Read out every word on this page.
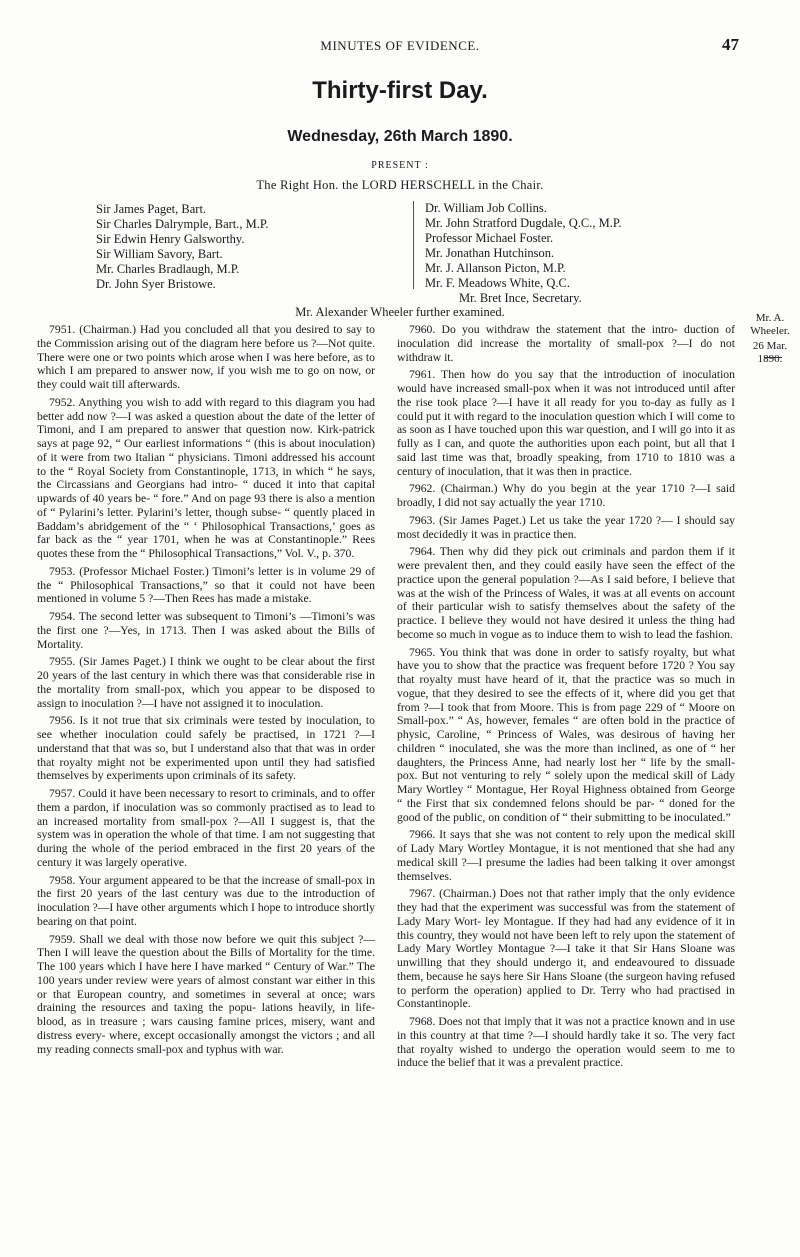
MINUTES OF EVIDENCE.	47
Thirty-first Day.
Wednesday, 26th March 1890.
PRESENT :
The Right Hon. the LORD HERSCHELL in the Chair.
Sir James Paget, Bart.
Sir Charles Dalrymple, Bart., M.P.
Sir Edwin Henry Galsworthy.
Sir William Savory, Bart.
Mr. Charles Bradlaugh, M.P.
Dr. John Syer Bristowe.
Dr. William Job Collins.
Mr. John Stratford Dugdale, Q.C., M.P.
Professor Michael Foster.
Mr. Jonathan Hutchinson.
Mr. J. Allanson Picton, M.P.
Mr. F. Meadows White, Q.C.
Mr. Bret Ince, Secretary.
Mr. Alexander Wheeler further examined.	Mr. A. Wheeler.
26 Mar. 1890.

7951. (Chairman.) Had you concluded all that you desired to say to the Commission arising out of the diagram here before us ?—Not quite. There were one or two points which arose when I was here before, as to which I am prepared to answer now, if you wish me to go on now, or they could wait till afterwards.

7952. Anything you wish to add with regard to this diagram you had better add now ?—I was asked a question about the date of the letter of Timoni, and I am prepared to answer that question now. Kirk-patrick says at page 92, “ Our earliest informations “ (this is about inoculation) of it were from two Italian “ physicians. Timoni addressed his account to the “ Royal Society from Constantinople, 1713, in which “ he says, the Circassians and Georgians had intro- “ duced it into that capital upwards of 40 years be- “ fore.” And on page 93 there is also a mention of “ Pylarini’s letter. Pylarini’s letter, though subse- “ quently placed in Baddam’s abridgement of the “ ‘ Philosophical Transactions,’ goes as far back as the “ year 1701, when he was at Constantinople.” Rees quotes these from the “ Philosophical Transactions,” Vol. V., p. 370.

7953. (Professor Michael Foster.) Timoni’s letter is in volume 29 of the “ Philosophical Transactions,” so that it could not have been mentioned in volume 5 ?—Then Rees has made a mistake.

7954. The second letter was subsequent to Timoni’s —Timoni’s was the first one ?—Yes, in 1713. Then I was asked about the Bills of Mortality.

7955. (Sir James Paget.) I think we ought to be clear about the first 20 years of the last century in which there was that considerable rise in the mortality from small-pox, which you appear to be disposed to assign to inoculation ?—I have not assigned it to inoculation.

7956. Is it not true that six criminals were tested by inoculation, to see whether inoculation could safely be practised, in 1721 ?—I understand that that was so, but I understand also that that was in order that royalty might not be experimented upon until they had satisfied themselves by experiments upon criminals of its safety.

7957. Could it have been necessary to resort to criminals, and to offer them a pardon, if inoculation was so commonly practised as to lead to an increased mortality from small-pox ?—All I suggest is, that the system was in operation the whole of that time. I am not suggesting that during the whole of the period embraced in the first 20 years of the century it was largely operative.

7958. Your argument appeared to be that the increase of small-pox in the first 20 years of the last century was due to the introduction of inoculation ?—I have other arguments which I hope to introduce shortly bearing on that point.

7959. Shall we deal with those now before we quit this subject ?—Then I will leave the question about the Bills of Mortality for the time. The 100 years which I have here I have marked “ Century of War.” The 100 years under review were years of almost constant war either in this or that European country, and sometimes in several at once; wars draining the resources and taxing the popu- lations heavily, in life-blood, as in treasure ; wars causing famine prices, misery, want and distress every- where, except occasionally amongst the victors ; and all my reading connects small-pox and typhus with war.

7960. Do you withdraw the statement that the intro- duction of inoculation did increase the mortality of small-pox ?—I do not withdraw it.

7961. Then how do you say that the introduction of inoculation would have increased small-pox when it was not introduced until after the rise took place ?—I have it all ready for you to-day as fully as I could put it with regard to the inoculation question which I will come to as soon as I have touched upon this war question, and I will go into it as fully as I can, and quote the authorities upon each point, but all that I said last time was that, broadly speaking, from 1710 to 1810 was a century of inoculation, that it was then in practice.

7962. (Chairman.) Why do you begin at the year 1710 ?—I said broadly, I did not say actually the year 1710.

7963. (Sir James Paget.) Let us take the year 1720 ?— I should say most decidedly it was in practice then.

7964. Then why did they pick out criminals and pardon them if it were prevalent then, and they could easily have seen the effect of the practice upon the general population ?—As I said before, I believe that was at the wish of the Princess of Wales, it was at all events on account of their particular wish to satisfy themselves about the safety of the practice. I believe they would not have desired it unless the thing had become so much in vogue as to induce them to wish to lead the fashion.

7965. You think that was done in order to satisfy royalty, but what have you to show that the practice was frequent before 1720 ? You say that royalty must have heard of it, that the practice was so much in vogue, that they desired to see the effects of it, where did you get that from ?—I took that from Moore. This is from page 229 of “ Moore on Small-pox.” “ As, however, females “ are often bold in the practice of physic, Caroline, “ Princess of Wales, was desirous of having her children “ inoculated, she was the more than inclined, as one of “ her daughters, the Princess Anne, had nearly lost her “ life by the small-pox. But not venturing to rely “ solely upon the medical skill of Lady Mary Wortley “ Montague, Her Royal Highness obtained from George “ the First that six condemned felons should be par- “ doned for the good of the public, on condition of “ their submitting to be inoculated.”

7966. It says that she was not content to rely upon the medical skill of Lady Mary Wortley Montague, it is not mentioned that she had any medical skill ?—I presume the ladies had been talking it over amongst themselves.

7967. (Chairman.) Does not that rather imply that the only evidence they had that the experiment was successful was from the statement of Lady Mary Wort- ley Montague. If they had had any evidence of it in this country, they would not have been left to rely upon the statement of Lady Mary Wortley Montague ?—I take it that Sir Hans Sloane was unwilling that they should undergo it, and endeavoured to dissuade them, because he says here Sir Hans Sloane (the surgeon having refused to perform the operation) applied to Dr. Terry who had practised in Constantinople.

7968. Does not that imply that it was not a practice known and in use in this country at that time ?—I should hardly take it so. The very fact that royalty wished to undergo the operation would seem to me to induce the belief that it was a prevalent practice.
